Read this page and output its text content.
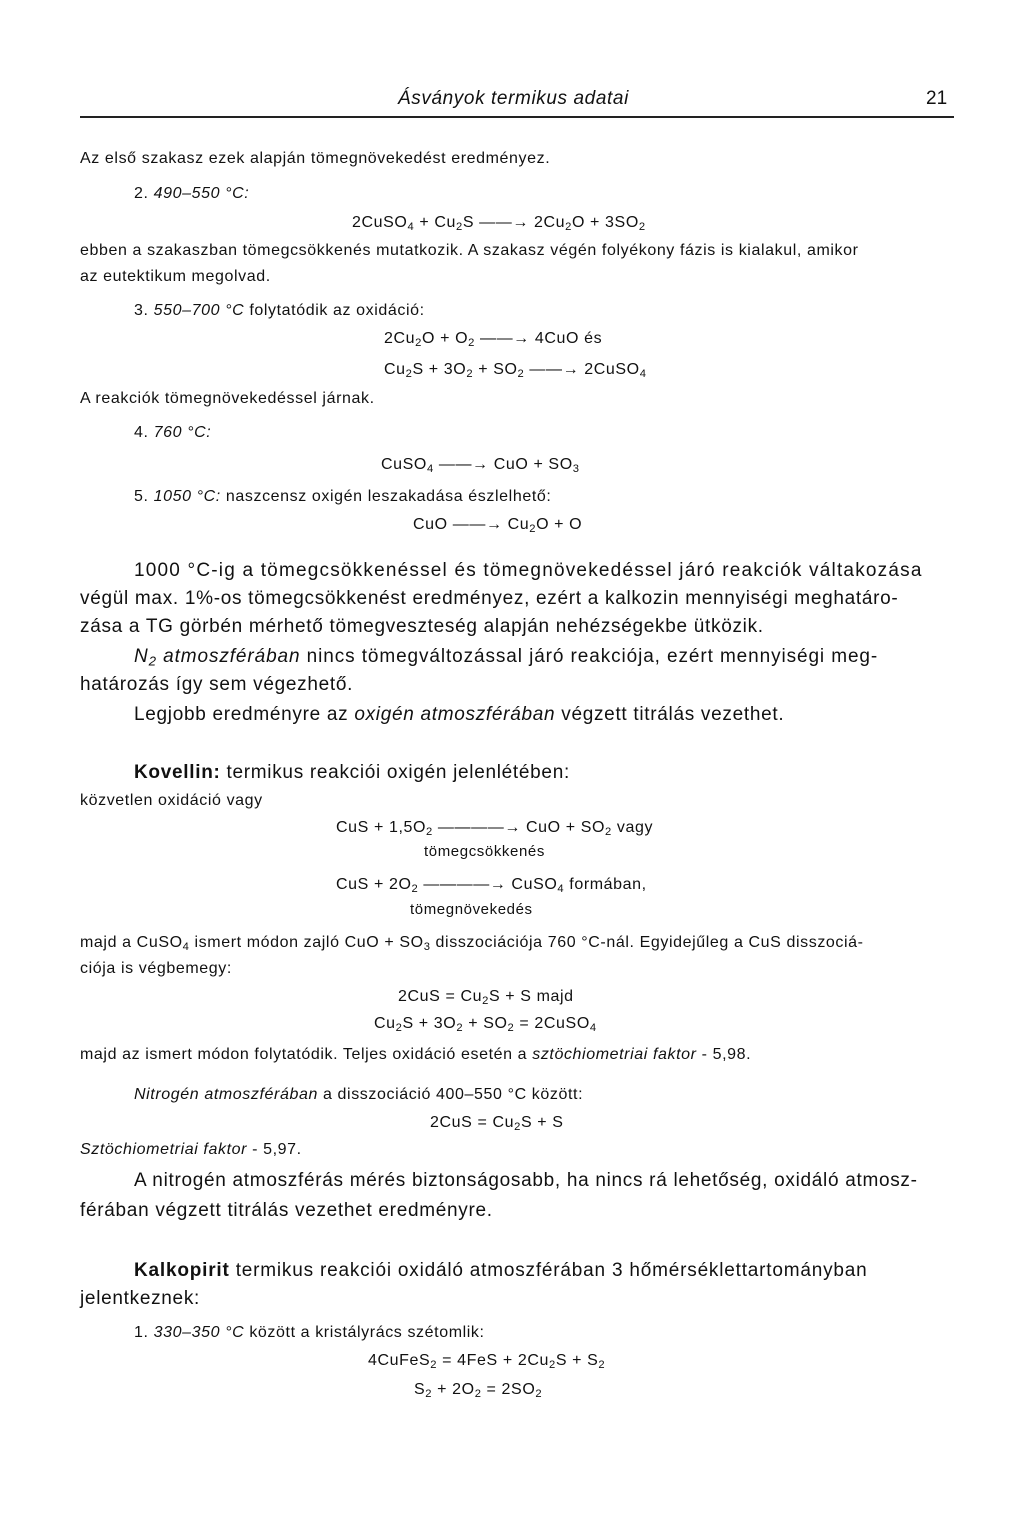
Ásványok termikus adatai	21
Az első szakasz ezek alapján tömegnövekedést eredményez.
2. 490–550 °C:
2CuSO$_4$ + $Cu_2S$ ——→ $2Cu_2O + 3SO_2$
ebben a szakaszban tömegcsökkenés mutatkozik. A szakasz végén folyékony fázis is kialakul, amikor
az eutektikum megolvad.
3. 550–700 °C folytatódik az oxidáció:
$2Cu_2O + O_2$ ——→ 4CuO és
$Cu_2S + 3O_2 + SO_2$ ——→ 2CuSO$_4$
A reakciók tömegnövekedéssel járnak.
4. 760 °C:
CuSO$_4$ ——→ CuO + $SO_3$
5. 1050 °C: naszcensz oxigén leszakadása észlelhető:
CuO ——→ $Cu_2O + O$
1000 °C-ig a tömegcsökkenéssel és tömegnövekedéssel járó reakciók váltakozása
végül max. 1%-os tömegcsökkenést eredményez, ezért a kalkozin mennyiségi meghatáro-
zása a TG görbén mérhető tömegveszteség alapján nehézségekbe ütközik.
$N_2$ atmoszférában nincs tömegváltozással járó reakciója, ezért mennyiségi meg-
határozás így sem végezhető.
Legjobb eredményre az oxigén atmoszférában végzett titrálás vezethet.
Kovellin: termikus reakciói oxigén jelenlétében:
közvetlen oxidáció vagy
CuS + $1,5O_2$ ————→ CuO + $SO_2$ vagy
tömegcsökkenés
CuS + $2O_2$ ————→ CuSO$_4$ formában,
tömegnövekedés
majd a CuSO$_4$ ismert módon zajló CuO + $SO_3$ disszociációja 760 °C-nál. Egyidejűleg a CuS disszociá-
ciója is végbemegy:
$2CuS = Cu_2S + S$ majd
$Cu_2S + 3O_2 + SO_2$ = 2CuSO$_4$
majd az ismert módon folytatódik. Teljes oxidáció esetén a sztöchiometriai faktor - 5,98.
Nitrogén atmoszférában a disszociáció 400–550 °C között:
$2CuS = Cu_2S + S$
Sztöchiometriai faktor - 5,97.
A nitrogén atmoszférás mérés biztonságosabb, ha nincs rá lehetőség, oxidáló atmosz-
férában végzett titrálás vezethet eredményre.
Kalkopirit termikus reakciói oxidáló atmoszférában 3 hőmérséklettartományban
jelentkeznek:
1. 330–350 °C között a kristályrács szétomlik:
4CuFeS$_2$ = $4FeS + 2Cu_2S + S_2$
$S_2 + 2O_2 = 2SO_2$
